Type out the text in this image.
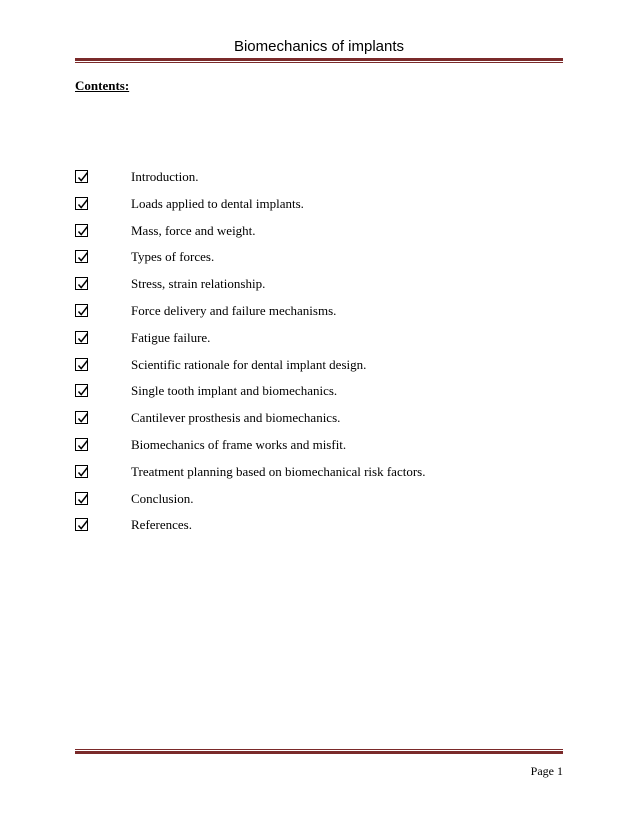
Biomechanics of implants
Contents:
Introduction.
Loads applied to dental implants.
Mass, force and weight.
Types of forces.
Stress, strain relationship.
Force delivery and failure mechanisms.
Fatigue failure.
Scientific rationale for dental implant design.
Single tooth implant and biomechanics.
Cantilever prosthesis and biomechanics.
Biomechanics of frame works and misfit.
Treatment planning based on biomechanical risk factors.
Conclusion.
References.
Page 1
